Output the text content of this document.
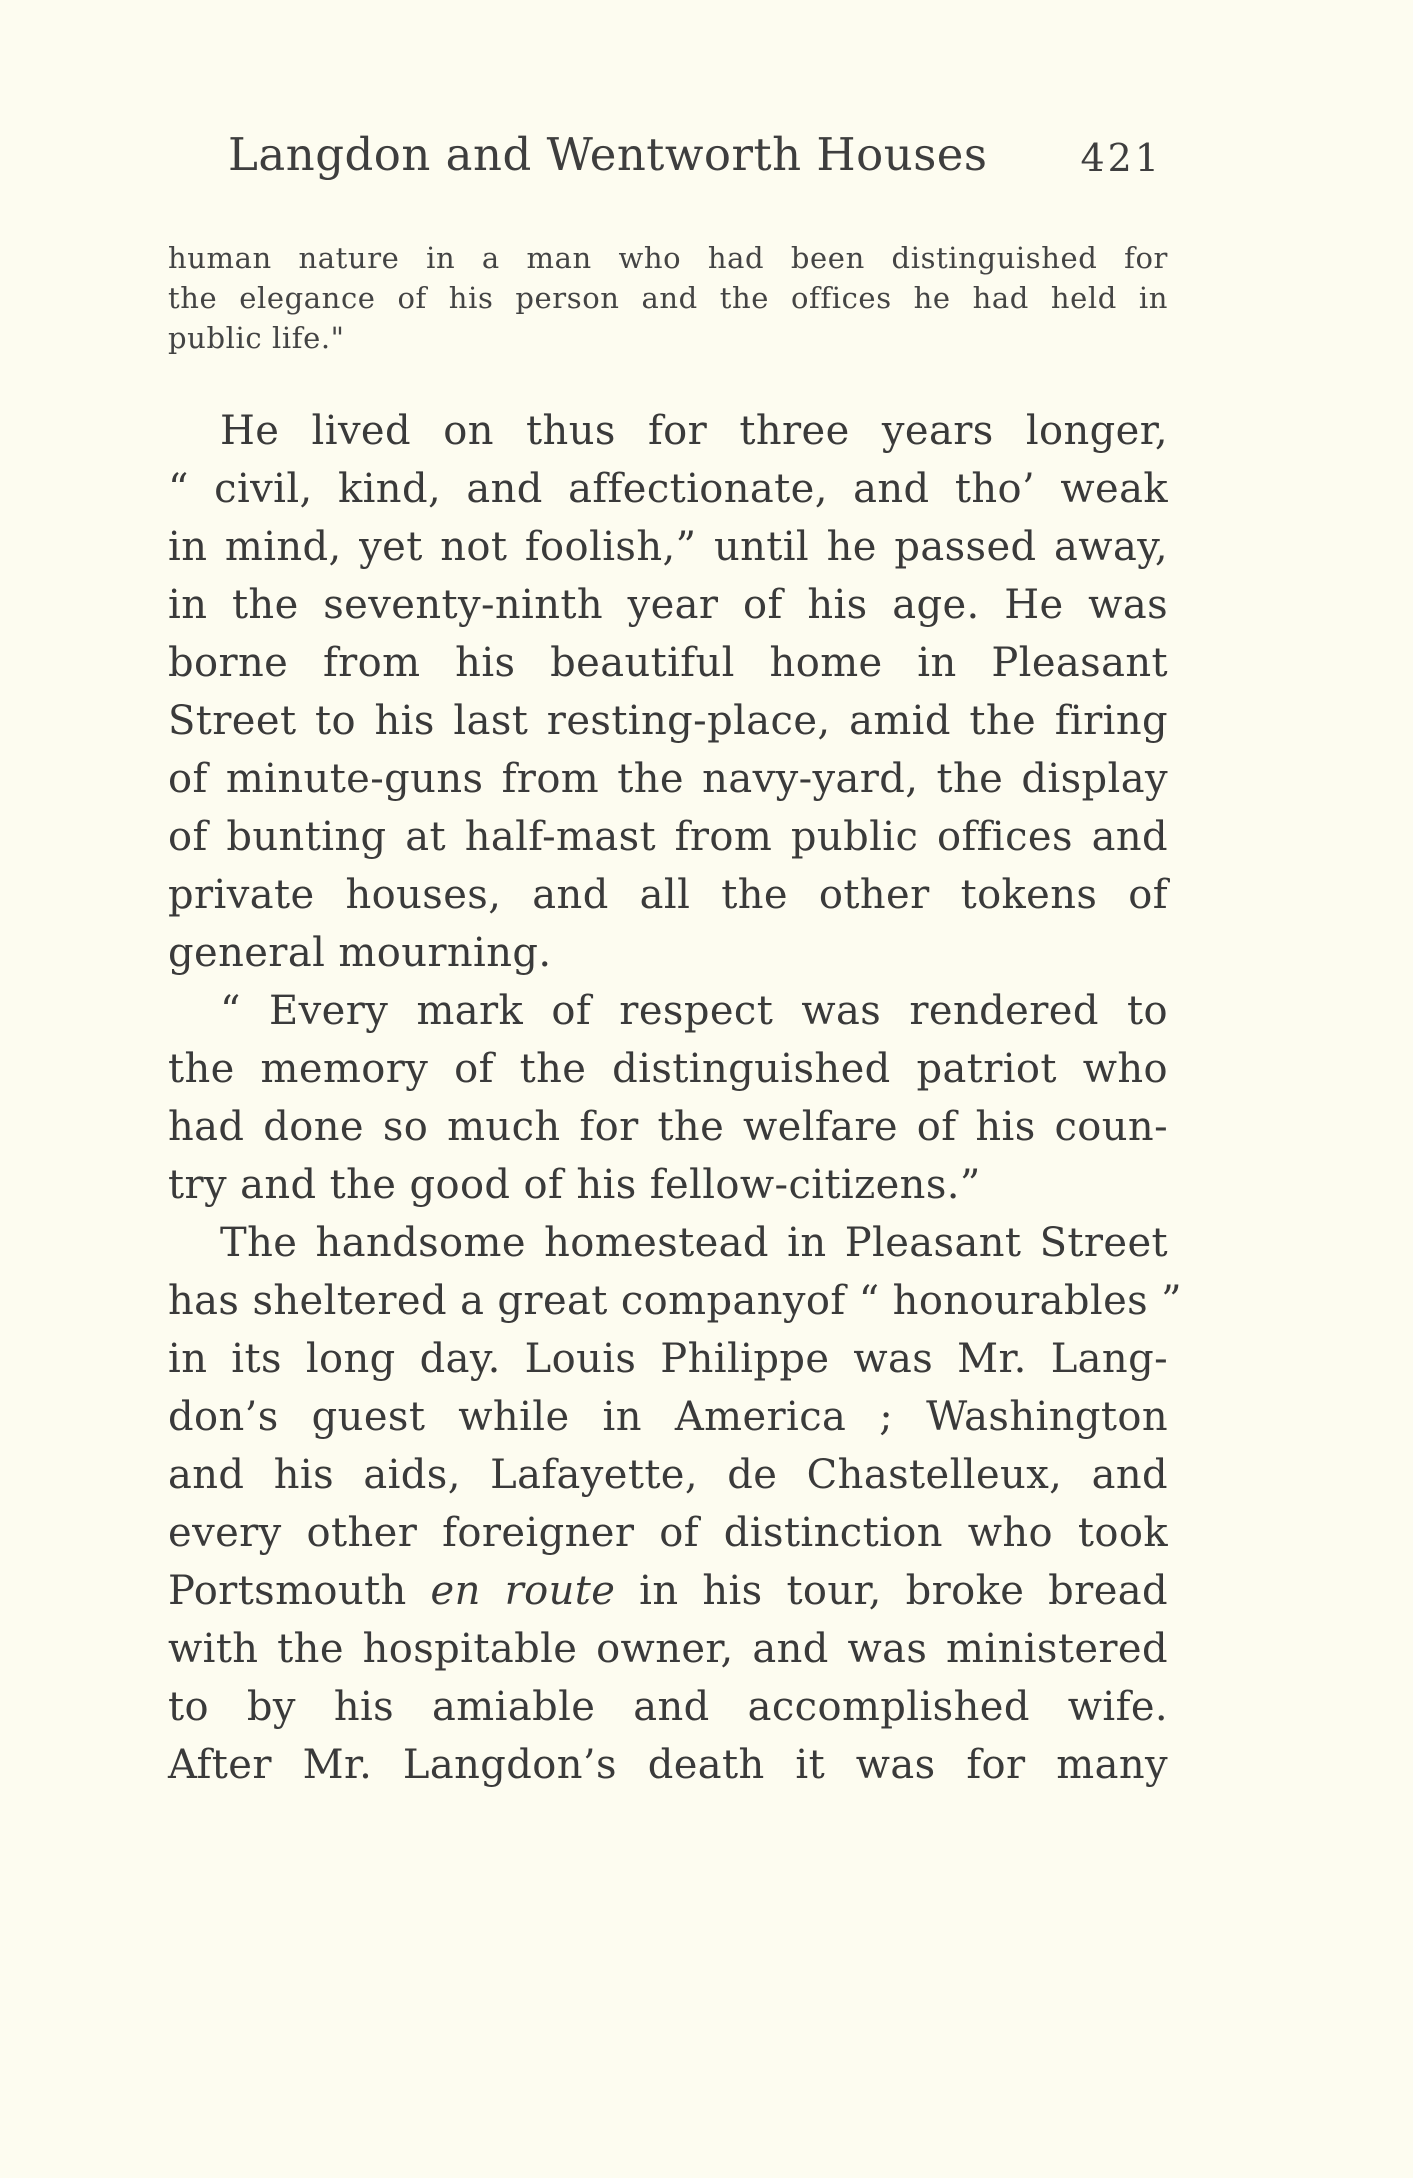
Langdon and Wentworth Houses 421
human nature in a man who had been distinguished for
the elegance of his person and the offices he had held in
public life."
He lived on thus for three years longer,
“ civil, kind, and affectionate, and tho’ weak
in mind, yet not foolish,” until he passed away,
in the seventy-ninth year of his age. He was
borne from his beautiful home in Pleasant
Street to his last resting-place, amid the firing
of minute-guns from the navy-yard, the display
of bunting at half-mast from public offices and
private houses, and all the other tokens of
general mourning.
“ Every mark of respect was rendered to
the memory of the distinguished patriot who
had done so much for the welfare of his coun-
try and the good of his fellow-citizens.”
The handsome homestead in Pleasant Street
has sheltered a great companyof “ honourables ”
in its long day. Louis Philippe was Mr. Lang-
don’s guest while in America ; Washington
and his aids, Lafayette, de Chastelleux, and
every other foreigner of distinction who took
Portsmouth en route in his tour, broke bread
with the hospitable owner, and was ministered
to by his amiable and accomplished wife.
After Mr. Langdon’s death it was for many
